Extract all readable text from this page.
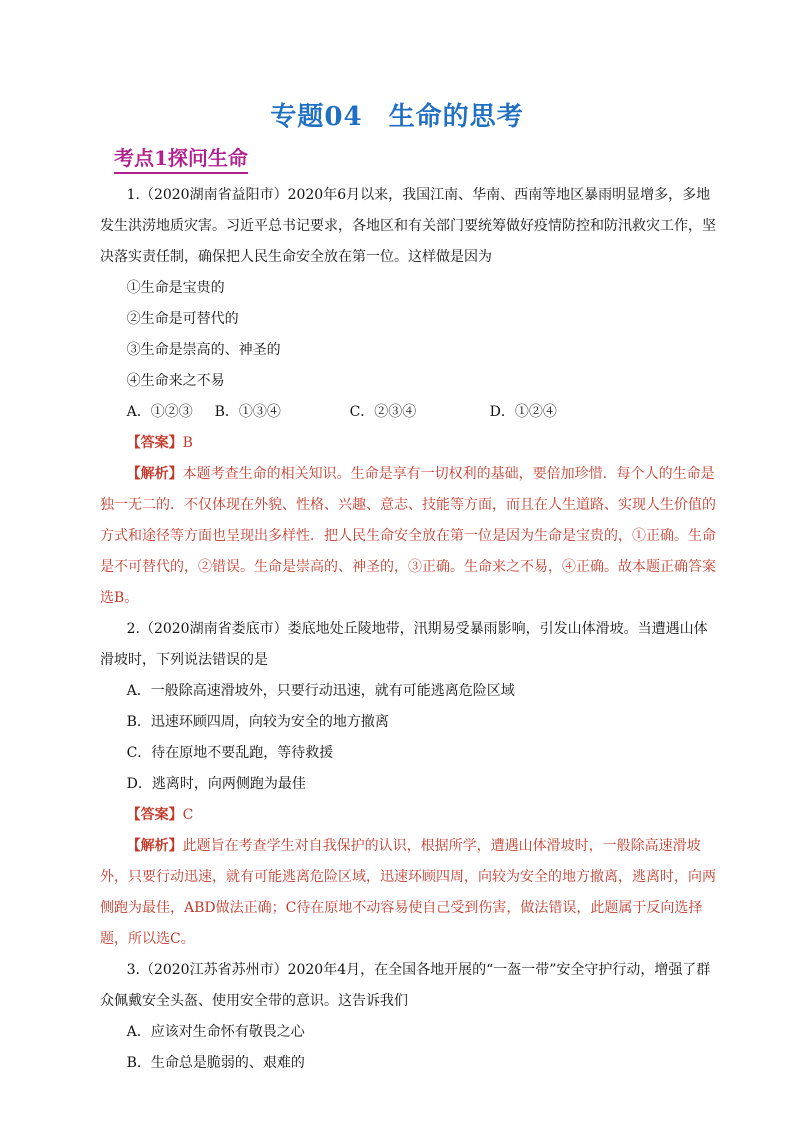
专题04 生命的思考
考点1探问生命

1.（2020湖南省益阳市）2020年6月以来，我国江南、华南、西南等地区暴雨明显增多，多地发生洪涝地质灾害。习近平总书记要求，各地区和有关部门要统筹做好疫情防控和防汛救灾工作，坚决落实责任制，确保把人民生命安全放在第一位。这样做是因为

①生命是宝贵的

②生命是可替代的

③生命是崇高的、神圣的

④生命来之不易

A．①②③ B．①③④	C．②③④	D．①②④

【答案】B

【解析】本题考查生命的相关知识。生命是享有一切权利的基础，要倍加珍惜．每个人的生命是独一无二的．不仅体现在外貌、性格、兴趣、意志、技能等方面，而且在人生道路、实现人生价值的方式和途径等方面也呈现出多样性．把人民生命安全放在第一位是因为生命是宝贵的，①正确。生命是不可替代的，②错误。生命是崇高的、神圣的，③正确。生命来之不易，④正确。故本题正确答案选B。

2.（2020湖南省娄底市）娄底地处丘陵地带，汛期易受暴雨影响，引发山体滑坡。当遭遇山体滑坡时，下列说法错误的是

A．一般除高速滑坡外，只要行动迅速，就有可能逃离危险区域

B．迅速环顾四周，向较为安全的地方撤离

C．待在原地不要乱跑，等待救援

D．逃离时，向两侧跑为最佳

【答案】C

【解析】此题旨在考查学生对自我保护的认识，根据所学，遭遇山体滑坡时，一般除高速滑坡外，只要行动迅速，就有可能逃离危险区域，迅速环顾四周，向较为安全的地方撤离，逃离时，向两侧跑为最佳，ABD做法正确；C待在原地不动容易使自己受到伤害，做法错误，此题属于反向选择题，所以选C。

3.（2020江苏省苏州市）2020年4月，在全国各地开展的“一盔一带”安全守护行动，增强了群众佩戴安全头盔、使用安全带的意识。这告诉我们

A．应该对生命怀有敬畏之心

B．生命总是脆弱的、艰难的
